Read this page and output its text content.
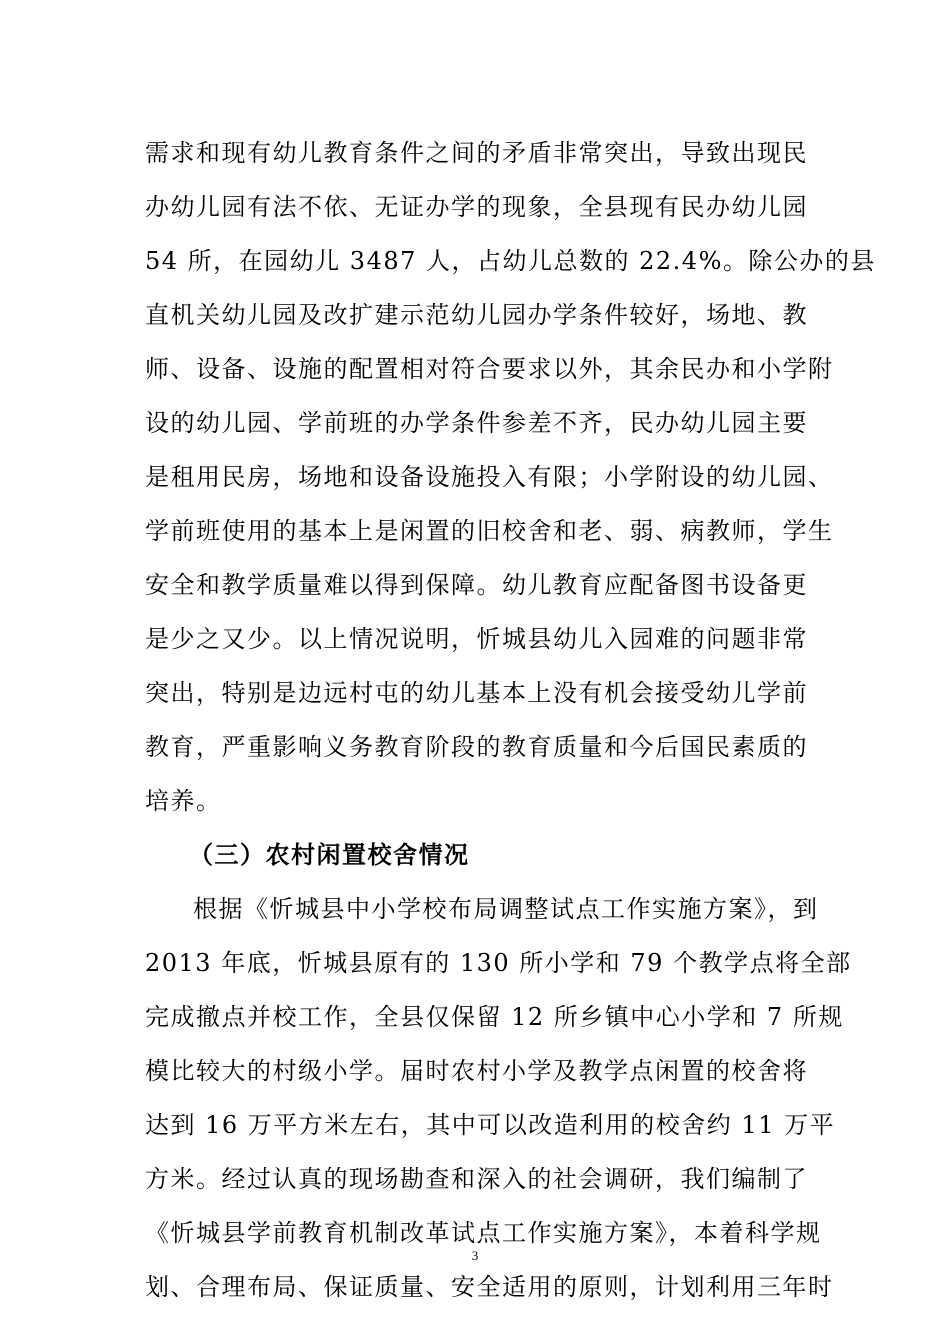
需求和现有幼儿教育条件之间的矛盾非常突出，导致出现民
办幼儿园有法不依、无证办学的现象，全县现有民办幼儿园
54 所，在园幼儿 3487 人，占幼儿总数的 22.4%。除公办的县
直机关幼儿园及改扩建示范幼儿园办学条件较好，场地、教
师、设备、设施的配置相对符合要求以外，其余民办和小学附
设的幼儿园、学前班的办学条件参差不齐，民办幼儿园主要
是租用民房，场地和设备设施投入有限；小学附设的幼儿园、
学前班使用的基本上是闲置的旧校舍和老、弱、病教师，学生
安全和教学质量难以得到保障。幼儿教育应配备图书设备更
是少之又少。以上情况说明，忻城县幼儿入园难的问题非常
突出，特别是边远村屯的幼儿基本上没有机会接受幼儿学前
教育，严重影响义务教育阶段的教育质量和今后国民素质的
培养。
（三）农村闲置校舍情况
根据《忻城县中小学校布局调整试点工作实施方案》，到
2013 年底，忻城县原有的 130 所小学和 79 个教学点将全部
完成撤点并校工作，全县仅保留 12 所乡镇中心小学和 7 所规
模比较大的村级小学。届时农村小学及教学点闲置的校舍将
达到 16 万平方米左右，其中可以改造利用的校舍约 11 万平
方米。经过认真的现场勘查和深入的社会调研，我们编制了
《忻城县学前教育机制改革试点工作实施方案》，本着科学规
划、合理布局、保证质量、安全适用的原则，计划利用三年时
3
